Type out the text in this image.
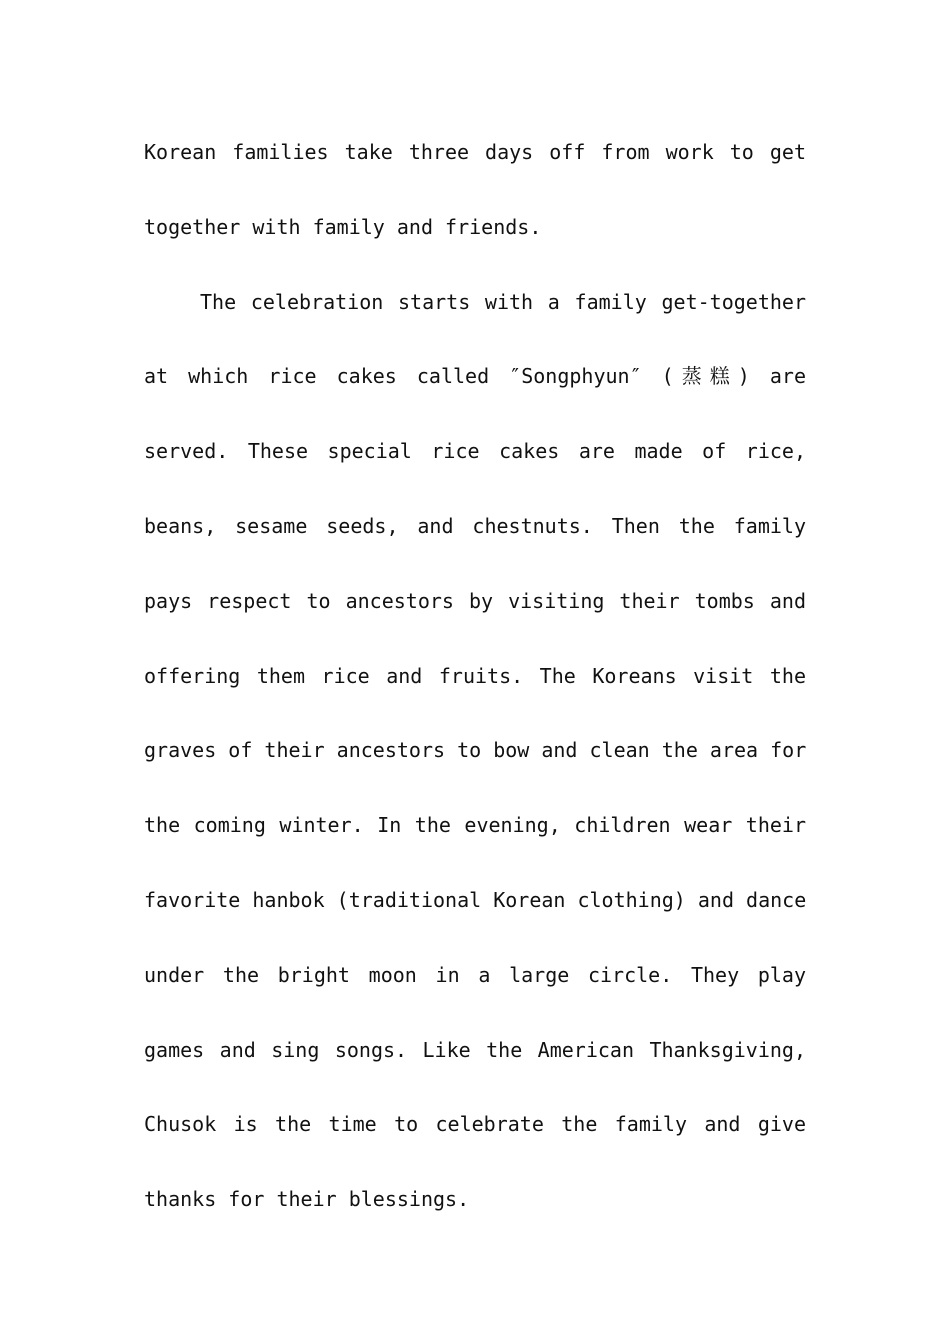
Korean families take three days off from work to get
together with family and friends.
The celebration starts with a family get-together
at which rice cakes called ″Songphyun″ (蒸糕) are
served. These special rice cakes are made of rice,
beans, sesame seeds, and chestnuts. Then the family
pays respect to ancestors by visiting their tombs and
offering them rice and fruits. The Koreans visit the
graves of their ancestors to bow and clean the area for
the coming winter. In the evening, children wear their
favorite hanbok (traditional Korean clothing) and dance
under the bright moon in a large circle. They play
games and sing songs. Like the American Thanksgiving,
Chusok is the time to celebrate the family and give
thanks for their blessings.
